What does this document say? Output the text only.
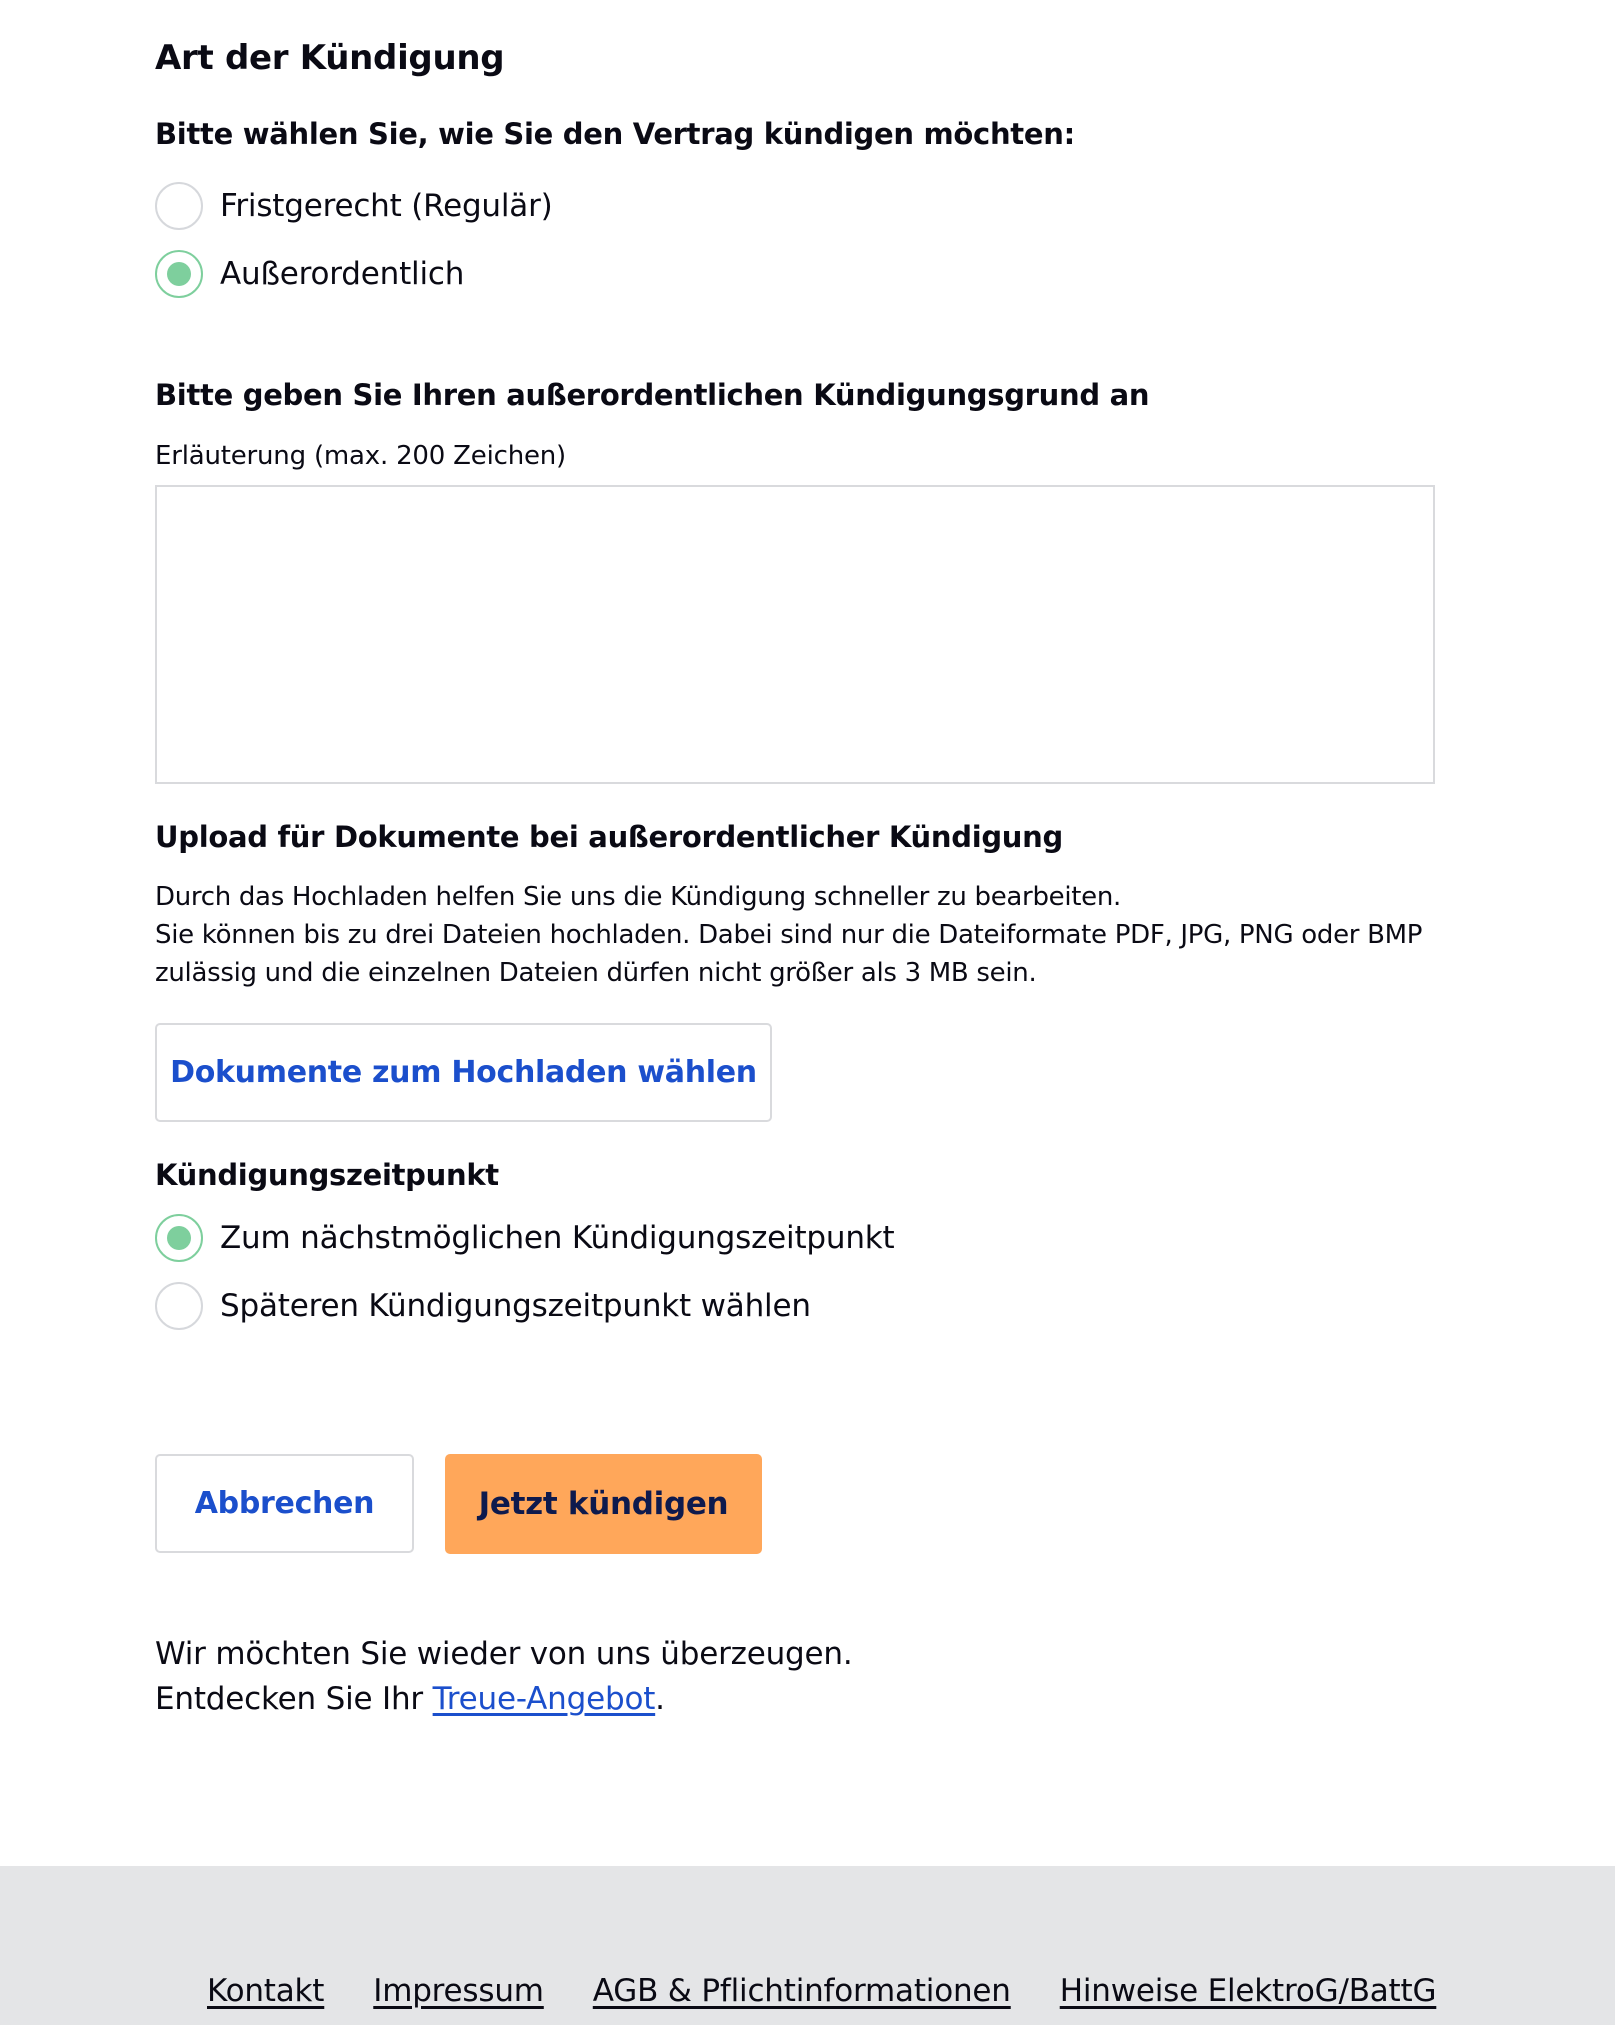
Art der Kündigung
Bitte wählen Sie, wie Sie den Vertrag kündigen möchten:
Fristgerecht (Regulär)
Außerordentlich
Bitte geben Sie Ihren außerordentlichen Kündigungsgrund an
Erläuterung (max. 200 Zeichen)
Upload für Dokumente bei außerordentlicher Kündigung
Durch das Hochladen helfen Sie uns die Kündigung schneller zu bearbeiten.
Sie können bis zu drei Dateien hochladen. Dabei sind nur die Dateiformate PDF, JPG, PNG oder BMP
zulässig und die einzelnen Dateien dürfen nicht größer als 3 MB sein.
Dokumente zum Hochladen wählen
Kündigungszeitpunkt
Zum nächstmöglichen Kündigungszeitpunkt
Späteren Kündigungszeitpunkt wählen
Abbrechen	Jetzt kündigen
Wir möchten Sie wieder von uns überzeugen.
Entdecken Sie Ihr Treue-Angebot.
Kontakt Impressum AGB & Pflichtinformationen Hinweise ElektroG/BattG
